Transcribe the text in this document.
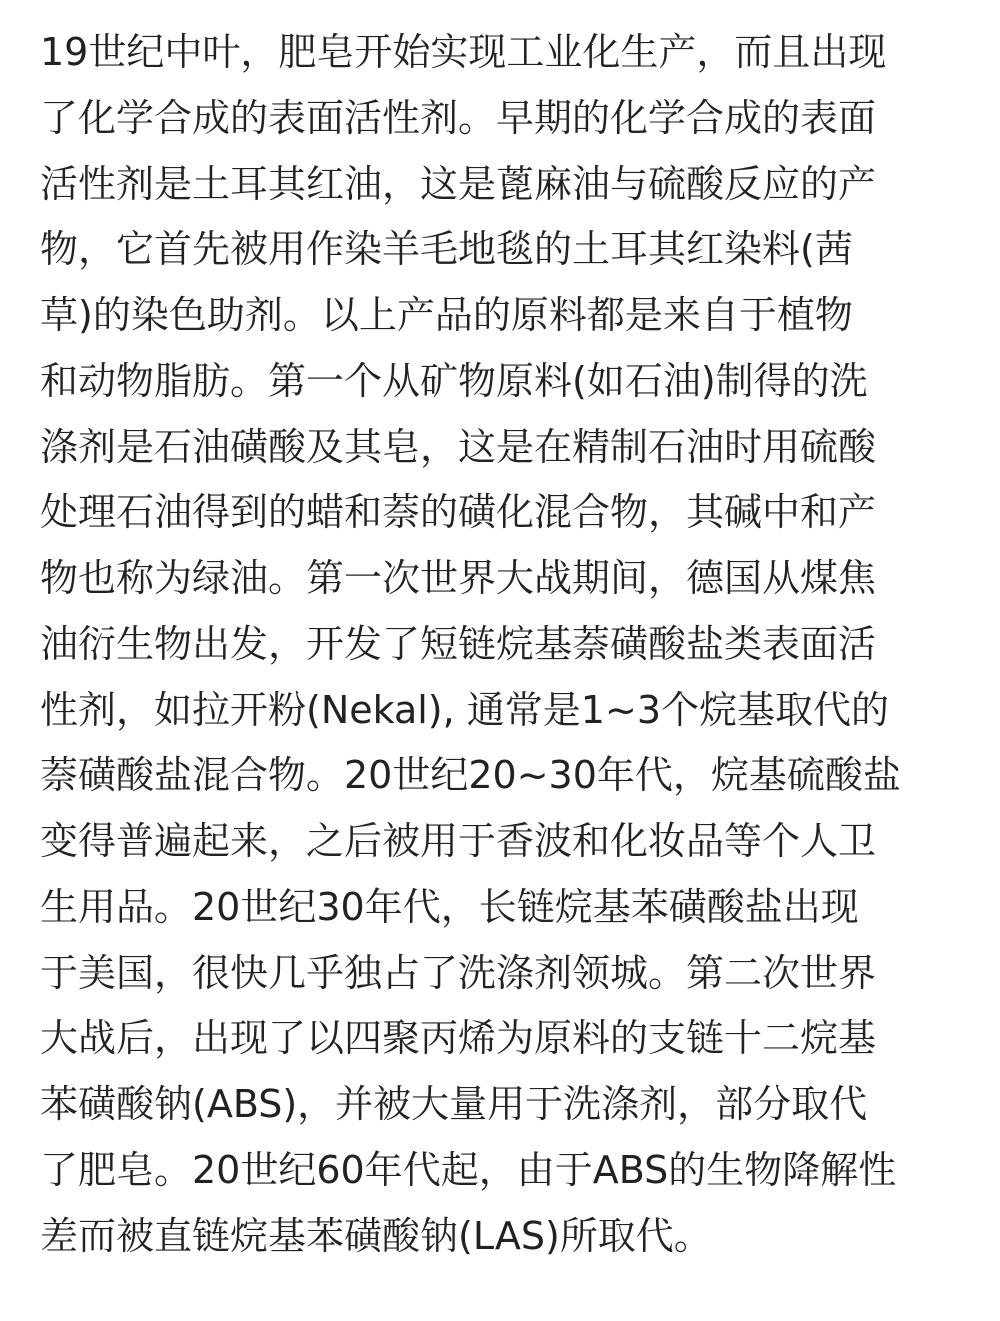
19世纪中叶，肥皂开始实现工业化生产，而且出现
了化学合成的表面活性剂。早期的化学合成的表面
活性剂是土耳其红油，这是蓖麻油与硫酸反应的产
物，它首先被用作染羊毛地毯的土耳其红染料(茜
草)的染色助剂。以上产品的原料都是来自于植物
和动物脂肪。第一个从矿物原料(如石油)制得的洗
涤剂是石油磺酸及其皂，这是在精制石油时用硫酸
处理石油得到的蜡和萘的磺化混合物，其碱中和产
物也称为绿油。第一次世界大战期间，德国从煤焦
油衍生物出发，开发了短链烷基萘磺酸盐类表面活
性剂，如拉开粉(Nekal), 通常是1~3个烷基取代的
萘磺酸盐混合物。20世纪20~30年代，烷基硫酸盐
变得普遍起来，之后被用于香波和化妆品等个人卫
生用品。20世纪30年代，长链烷基苯磺酸盐出现
于美国，很快几乎独占了洗涤剂领城。第二次世界
大战后，出现了以四聚丙烯为原料的支链十二烷基
苯磺酸钠(ABS)，并被大量用于洗涤剂，部分取代
了肥皂。20世纪60年代起，由于ABS的生物降解性
差而被直链烷基苯磺酸钠(LAS)所取代。
